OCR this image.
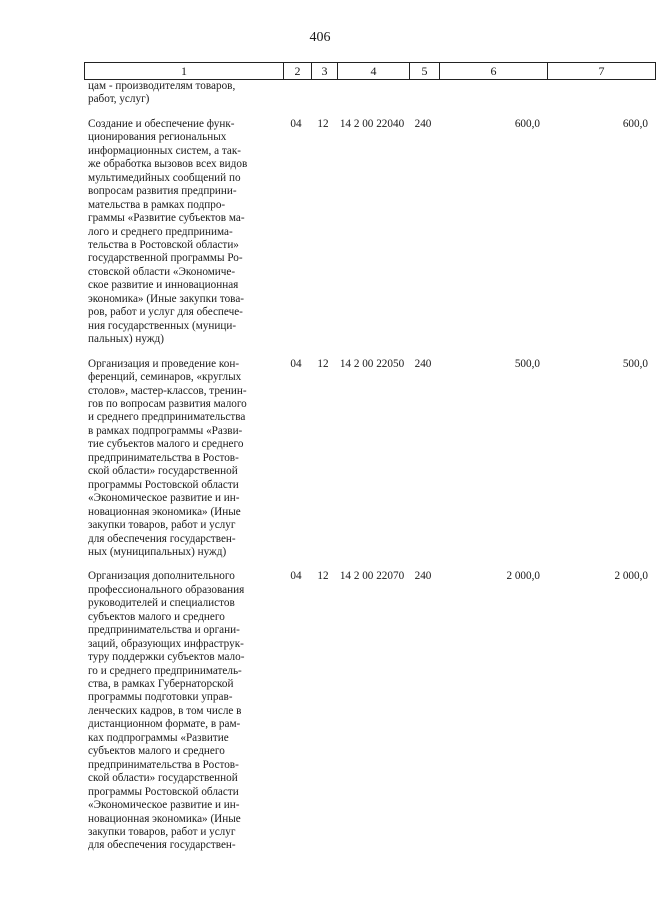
406
1	2	3	4	5	6	7
цам - производителям товаров,
работ, услуг)
Создание и обеспечение функ-
ционирования региональных
информационных систем, а так-
же обработка вызовов всех видов
мультимедийных сообщений по
вопросам развития предприни-
мательства в рамках подпро-
граммы «Развитие субъектов ма-
лого и среднего предпринима-
тельства в Ростовской области»
государственной программы Ро-
стовской области «Экономиче-
ское развитие и инновационная
экономика» (Иные закупки това-
ров, работ и услуг для обеспече-
ния государственных (муници-
пальных) нужд)
04	12	14 2 00 22040 240	600,0	600,0
Организация и проведение кон-
ференций, семинаров, «круглых
столов», мастер-классов, тренин-
гов по вопросам развития малого
и среднего предпринимательства
в рамках подпрограммы «Разви-
тие субъектов малого и среднего
предпринимательства в Ростов-
ской области» государственной
программы Ростовской области
«Экономическое развитие и ин-
новационная экономика» (Иные
закупки товаров, работ и услуг
для обеспечения государствен-
ных (муниципальных) нужд)
04	12	14 2 00 22050 240	500,0	500,0
Организация дополнительного
профессионального образования
руководителей и специалистов
субъектов малого и среднего
предпринимательства и органи-
заций, образующих инфраструк-
туру поддержки субъектов мало-
го и среднего предприниматель-
ства, в рамках Губернаторской
программы подготовки управ-
ленческих кадров, в том числе в
дистанционном формате, в рам-
ках подпрограммы «Развитие
субъектов малого и среднего
предпринимательства в Ростов-
ской области» государственной
программы Ростовской области
«Экономическое развитие и ин-
новационная экономика» (Иные
закупки товаров, работ и услуг
для обеспечения государствен-
04	12	14 2 00 22070 240	2 000,0	2 000,0
